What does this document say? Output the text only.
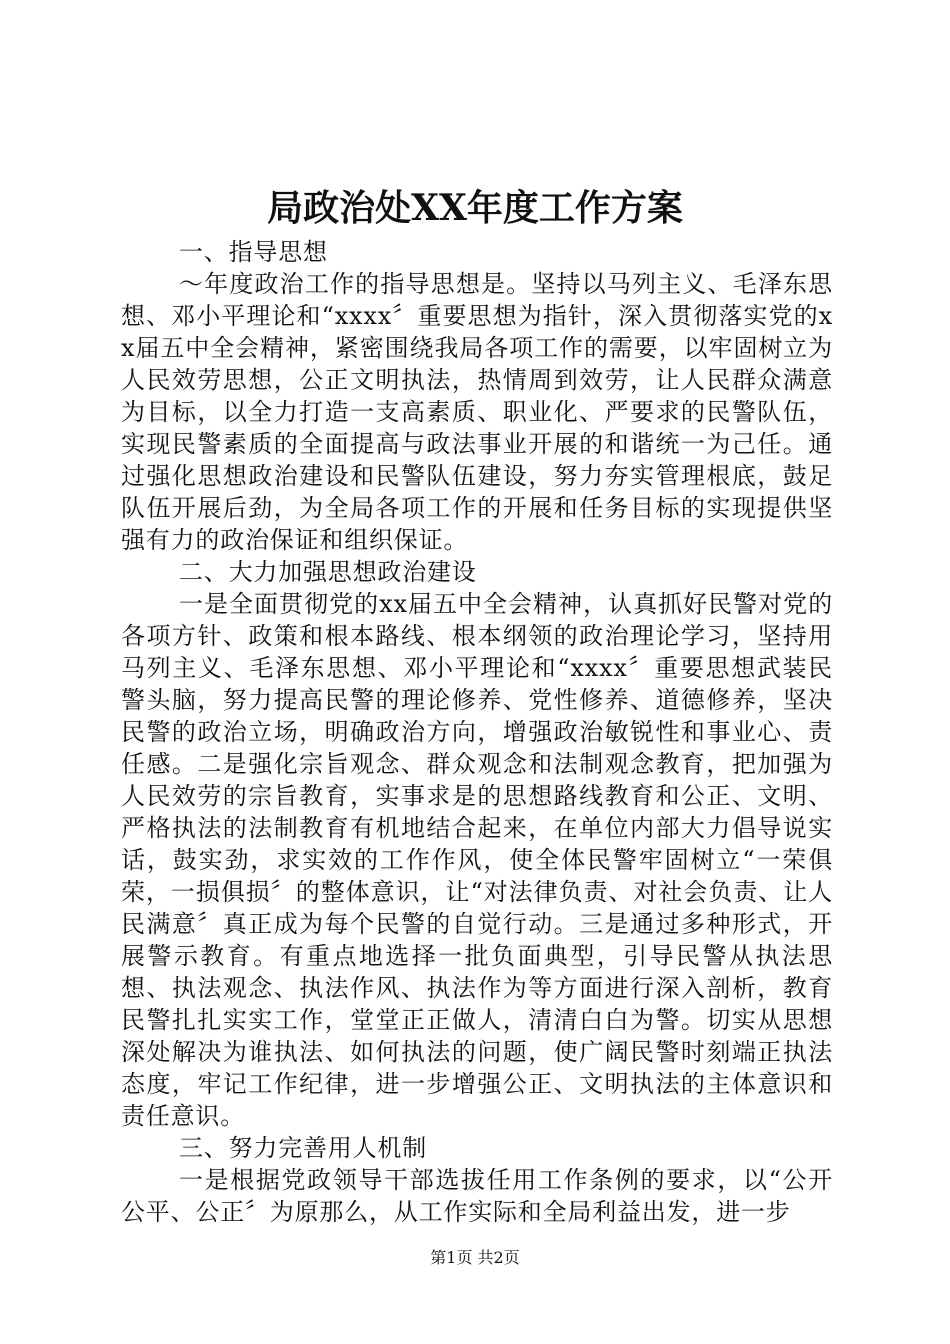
局政治处XX年度工作方案

一、指导思想

～年度政治工作的指导思想是。坚持以马列主义、毛泽东思想、邓小平理论和“xxxx〞重要思想为指针，深入贯彻落实党的xx届五中全会精神，紧密围绕我局各项工作的需要，以牢固树立为人民效劳思想，公正文明执法，热情周到效劳，让人民群众满意为目标，以全力打造一支高素质、职业化、严要求的民警队伍，实现民警素质的全面提高与政法事业开展的和谐统一为己任。通过强化思想政治建设和民警队伍建设，努力夯实管理根底，鼓足队伍开展后劲，为全局各项工作的开展和任务目标的实现提供坚强有力的政治保证和组织保证。

二、大力加强思想政治建设

一是全面贯彻党的xx届五中全会精神，认真抓好民警对党的各项方针、政策和根本路线、根本纲领的政治理论学习，坚持用马列主义、毛泽东思想、邓小平理论和“xxxx〞重要思想武装民警头脑，努力提高民警的理论修养、党性修养、道德修养，坚决民警的政治立场，明确政治方向，增强政治敏锐性和事业心、责任感。二是强化宗旨观念、群众观念和法制观念教育，把加强为人民效劳的宗旨教育，实事求是的思想路线教育和公正、文明、严格执法的法制教育有机地结合起来，在单位内部大力倡导说实话，鼓实劲，求实效的工作作风，使全体民警牢固树立“一荣俱荣，一损俱损〞的整体意识，让“对法律负责、对社会负责、让人民满意〞真正成为每个民警的自觉行动。三是通过多种形式，开展警示教育。有重点地选择一批负面典型，引导民警从执法思想、执法观念、执法作风、执法作为等方面进行深入剖析，教育民警扎扎实实工作，堂堂正正做人，清清白白为警。切实从思想深处解决为谁执法、如何执法的问题，使广阔民警时刻端正执法态度，牢记工作纪律，进一步增强公正、文明执法的主体意识和责任意识。

三、努力完善用人机制

一是根据党政领导干部选拔任用工作条例的要求，以“公开公平、公正〞为原那么，从工作实际和全局利益出发，进一步

第1页 共2页
